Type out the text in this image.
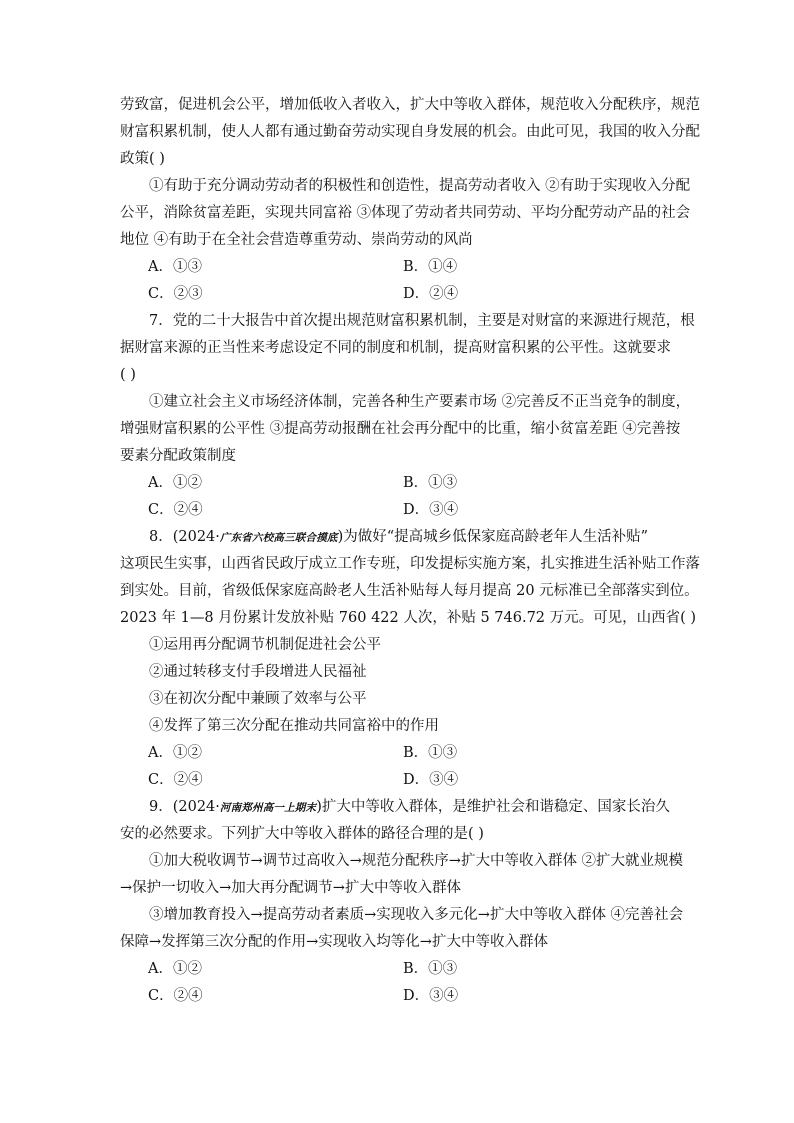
劳致富，促进机会公平，增加低收入者收入，扩大中等收入群体，规范收入分配秩序，规范
财富积累机制，使人人都有通过勤奋劳动实现自身发展的机会。由此可见，我国的收入分配
政策( )
①有助于充分调动劳动者的积极性和创造性，提高劳动者收入 ②有助于实现收入分配
公平，消除贫富差距，实现共同富裕 ③体现了劳动者共同劳动、平均分配劳动产品的社会
地位 ④有助于在全社会营造尊重劳动、崇尚劳动的风尚
A．①③	B．①④
C．②③	D．②④
7．党的二十大报告中首次提出规范财富积累机制，主要是对财富的来源进行规范，根
据财富来源的正当性来考虑设定不同的制度和机制，提高财富积累的公平性。这就要求
( )
①建立社会主义市场经济体制，完善各种生产要素市场 ②完善反不正当竞争的制度，
增强财富积累的公平性 ③提高劳动报酬在社会再分配中的比重，缩小贫富差距 ④完善按
要素分配政策制度
A．①②	B．①③
C．②④	D．③④
8．(2024·广东省六校高三联合摸底)为做好“提高城乡低保家庭高龄老年人生活补贴”
这项民生实事，山西省民政厅成立工作专班，印发提标实施方案，扎实推进生活补贴工作落
到实处。目前，省级低保家庭高龄老人生活补贴每人每月提高 20 元标准已全部落实到位。
2023 年 1—8 月份累计发放补贴 760 422 人次，补贴 5 746.72 万元。可见，山西省( )
①运用再分配调节机制促进社会公平
②通过转移支付手段增进人民福祉
③在初次分配中兼顾了效率与公平
④发挥了第三次分配在推动共同富裕中的作用
A．①②	B．①③
C．②④	D．③④
9．(2024·河南郑州高一上期末)扩大中等收入群体，是维护社会和谐稳定、国家长治久
安的必然要求。下列扩大中等收入群体的路径合理的是( )
①加大税收调节→调节过高收入→规范分配秩序→扩大中等收入群体 ②扩大就业规模
→保护一切收入→加大再分配调节→扩大中等收入群体
③增加教育投入→提高劳动者素质→实现收入多元化→扩大中等收入群体 ④完善社会
保障→发挥第三次分配的作用→实现收入均等化→扩大中等收入群体
A．①②	B．①③
C．②④	D．③④
